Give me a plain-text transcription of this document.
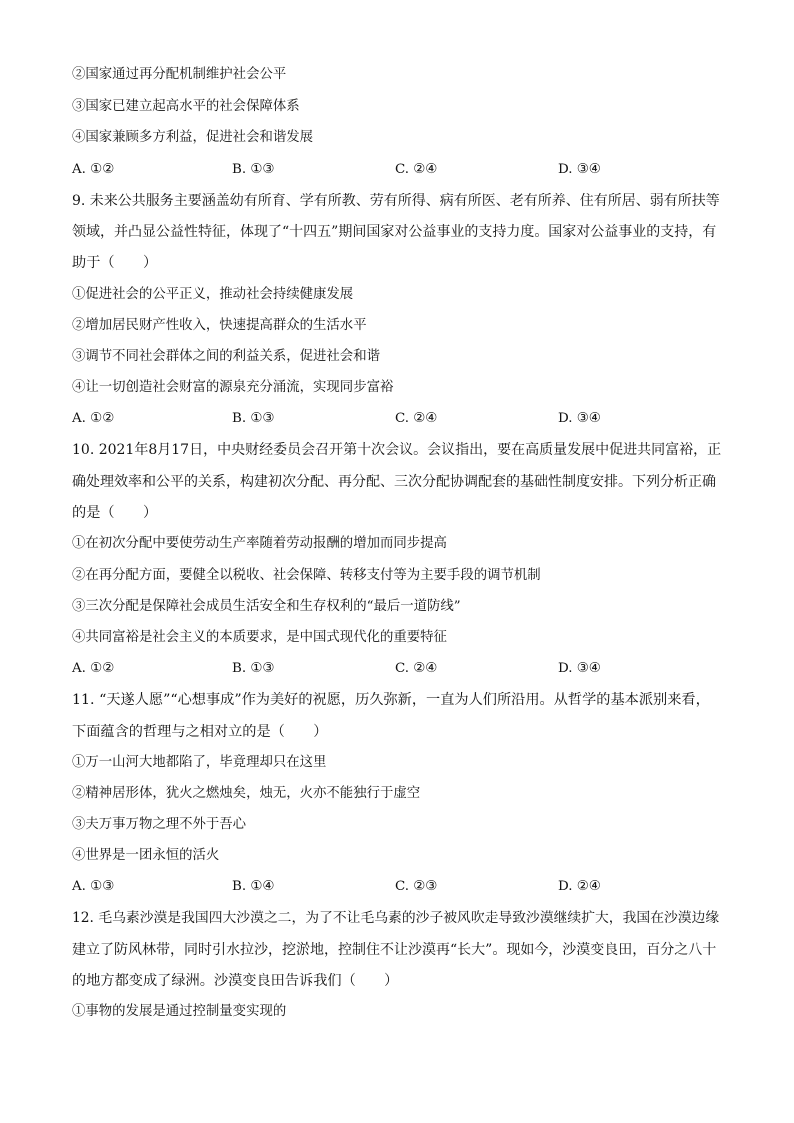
②国家通过再分配机制维护社会公平

③国家已建立起高水平的社会保障体系

④国家兼顾多方利益，促进社会和谐发展

A. ①②	B. ①③	C. ②④	D. ③④

9. 未来公共服务主要涵盖幼有所育、学有所教、劳有所得、病有所医、老有所养、住有所居、弱有所扶等

领域，并凸显公益性特征，体现了“十四五”期间国家对公益事业的支持力度。国家对公益事业的支持，有

助于（　　）

①促进社会的公平正义，推动社会持续健康发展

②增加居民财产性收入，快速提高群众的生活水平

③调节不同社会群体之间的利益关系，促进社会和谐

④让一切创造社会财富的源泉充分涌流，实现同步富裕

A. ①②	B. ①③	C. ②④	D. ③④

10. 2021年8月17日，中央财经委员会召开第十次会议。会议指出，要在高质量发展中促进共同富裕，正

确处理效率和公平的关系，构建初次分配、再分配、三次分配协调配套的基础性制度安排。下列分析正确

的是（　　）

①在初次分配中要使劳动生产率随着劳动报酬的增加而同步提高

②在再分配方面，要健全以税收、社会保障、转移支付等为主要手段的调节机制

③三次分配是保障社会成员生活安全和生存权利的“最后一道防线”

④共同富裕是社会主义的本质要求，是中国式现代化的重要特征

A. ①②	B. ①③	C. ②④	D. ③④

11. “天遂人愿”“心想事成”作为美好的祝愿，历久弥新，一直为人们所沿用。从哲学的基本派别来看，

下面蕴含的哲理与之相对立的是（　　）

①万一山河大地都陷了，毕竟理却只在这里

②精神居形体，犹火之燃烛矣，烛无，火亦不能独行于虚空

③夫万事万物之理不外于吾心

④世界是一团永恒的活火

A. ①③	B. ①④	C. ②③	D. ②④

12. 毛乌素沙漠是我国四大沙漠之二，为了不让毛乌素的沙子被风吹走导致沙漠继续扩大，我国在沙漠边缘

建立了防风林带，同时引水拉沙，挖淤地，控制住不让沙漠再“长大”。现如今，沙漠变良田，百分之八十

的地方都变成了绿洲。沙漠变良田告诉我们（　　）

①事物的发展是通过控制量变实现的
